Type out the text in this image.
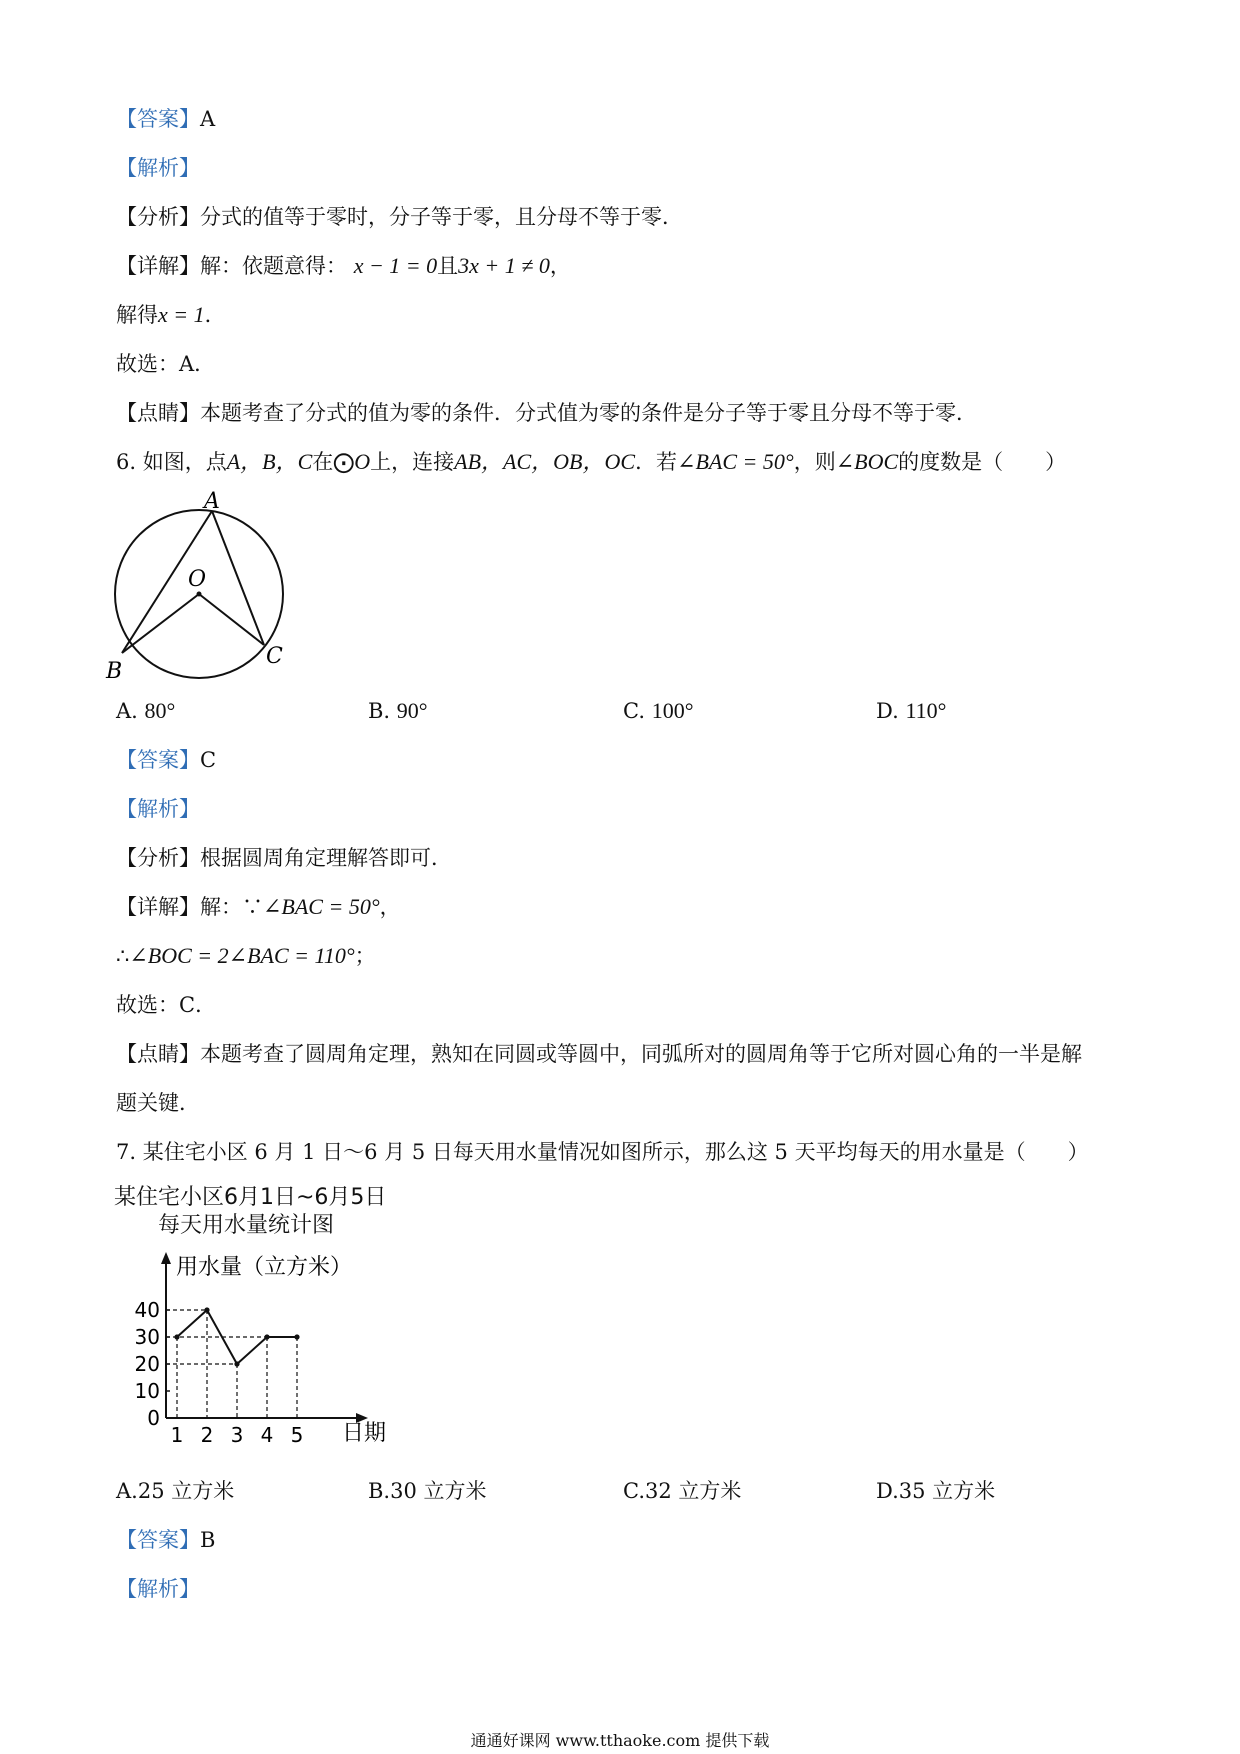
【答案】A
【解析】
【分析】分式的值等于零时，分子等于零，且分母不等于零．
【详解】解：依题意得： x − 1 = 0且3x + 1 ≠ 0，
解得x = 1．
故选：A．
【点睛】本题考查了分式的值为零的条件．分式值为零的条件是分子等于零且分母不等于零．
6. 如图，点A，B，C在⨀O上，连接AB，AC，OB，OC．若∠BAC = 50°，则∠BOC的度数是（　　）
A
O
B
C
A. 80°	B. 90°	C. 100°	D. 110°
【答案】C
【解析】
【分析】根据圆周角定理解答即可．
【详解】解：∵∠BAC = 50°，
∴∠BOC = 2∠BAC = 110°；
故选：C．
【点睛】本题考查了圆周角定理，熟知在同圆或等圆中，同弧所对的圆周角等于它所对圆心角的一半是解
题关键．
7. 某住宅小区 6 月 1 日～6 月 5 日每天用水量情况如图所示，那么这 5 天平均每天的用水量是（　　）
某住宅小区6月1日~6月5日
每天用水量统计图
用水量（立方米）
日期
0
10
20
30
40
1 2 3 4 5
A.25 立方米	B.30 立方米	C.32 立方米	D.35 立方米
【答案】B
【解析】
通通好课网 www.tthaoke.com 提供下载
